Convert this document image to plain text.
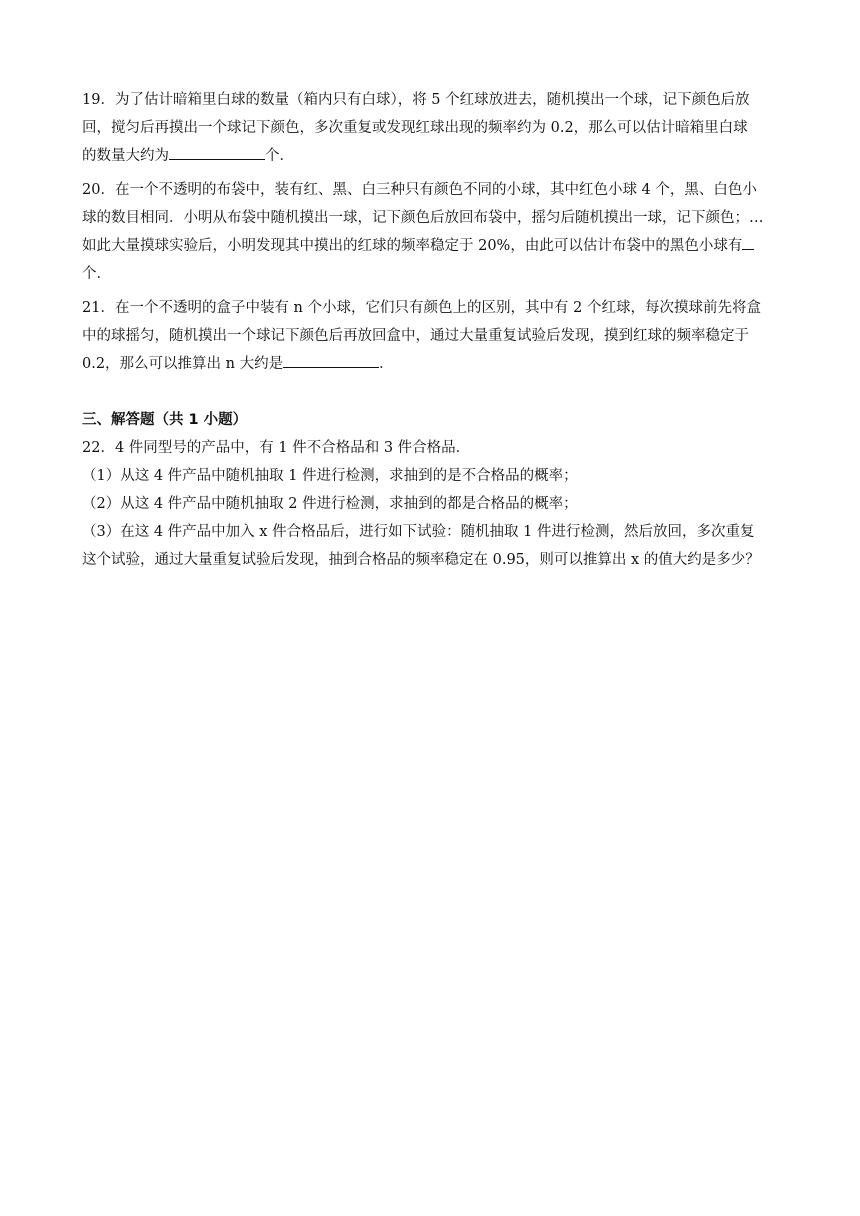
19．为了估计暗箱里白球的数量（箱内只有白球），将 5 个红球放进去，随机摸出一个球，记下颜色后放

回，搅匀后再摸出一个球记下颜色，多次重复或发现红球出现的频率约为 0.2，那么可以估计暗箱里白球

的数量大约为	个．

20．在一个不透明的布袋中，装有红、黑、白三种只有颜色不同的小球，其中红色小球 4 个，黑、白色小

球的数目相同．小明从布袋中随机摸出一球，记下颜色后放回布袋中，摇匀后随机摸出一球，记下颜色；…

如此大量摸球实验后，小明发现其中摸出的红球的频率稳定于 20%，由此可以估计布袋中的黑色小球有

个．

21．在一个不透明的盒子中装有 n 个小球，它们只有颜色上的区别，其中有 2 个红球，每次摸球前先将盒

中的球摇匀，随机摸出一个球记下颜色后再放回盒中，通过大量重复试验后发现，摸到红球的频率稳定于

0.2，那么可以推算出 n 大约是	．

三、解答题（共 1 小题）

22．4 件同型号的产品中，有 1 件不合格品和 3 件合格品．

（1）从这 4 件产品中随机抽取 1 件进行检测，求抽到的是不合格品的概率；

（2）从这 4 件产品中随机抽取 2 件进行检测，求抽到的都是合格品的概率；

（3）在这 4 件产品中加入 x 件合格品后，进行如下试验：随机抽取 1 件进行检测，然后放回，多次重复

这个试验，通过大量重复试验后发现，抽到合格品的频率稳定在 0.95，则可以推算出 x 的值大约是多少？
